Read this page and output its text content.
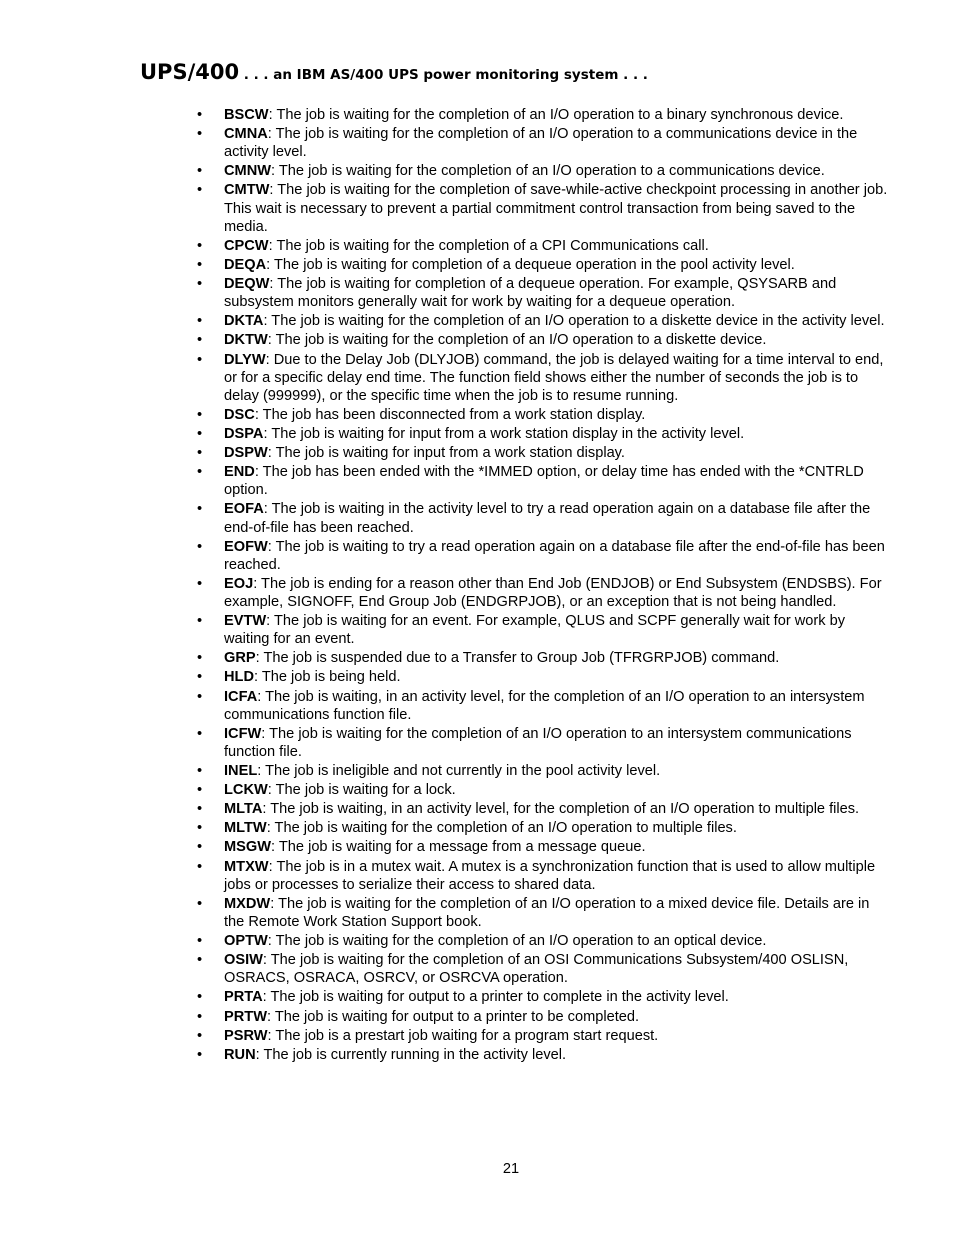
UPS/400 . . . an IBM AS/400 UPS power monitoring system . . .
• BSCW: The job is waiting for the completion of an I/O operation to a binary synchronous device.
• CMNA: The job is waiting for the completion of an I/O operation to a communications device in the activity level.
• CMNW: The job is waiting for the completion of an I/O operation to a communications device.
• CMTW: The job is waiting for the completion of save-while-active checkpoint processing in another job. This wait is necessary to prevent a partial commitment control transaction from being saved to the media.
• CPCW: The job is waiting for the completion of a CPI Communications call.
• DEQA: The job is waiting for completion of a dequeue operation in the pool activity level.
• DEQW: The job is waiting for completion of a dequeue operation. For example, QSYSARB and subsystem monitors generally wait for work by waiting for a dequeue operation.
• DKTA: The job is waiting for the completion of an I/O operation to a diskette device in the activity level.
• DKTW: The job is waiting for the completion of an I/O operation to a diskette device.
• DLYW: Due to the Delay Job (DLYJOB) command, the job is delayed waiting for a time interval to end, or for a specific delay end time. The function field shows either the number of seconds the job is to delay (999999), or the specific time when the job is to resume running.
• DSC: The job has been disconnected from a work station display.
• DSPA: The job is waiting for input from a work station display in the activity level.
• DSPW: The job is waiting for input from a work station display.
• END: The job has been ended with the *IMMED option, or delay time has ended with the *CNTRLD option.
• EOFA: The job is waiting in the activity level to try a read operation again on a database file after the end-of-file has been reached.
• EOFW: The job is waiting to try a read operation again on a database file after the end-of-file has been reached.
• EOJ: The job is ending for a reason other than End Job (ENDJOB) or End Subsystem (ENDSBS). For example, SIGNOFF, End Group Job (ENDGRPJOB), or an exception that is not being handled.
• EVTW: The job is waiting for an event. For example, QLUS and SCPF generally wait for work by waiting for an event.
• GRP: The job is suspended due to a Transfer to Group Job (TFRGRPJOB) command.
• HLD: The job is being held.
• ICFA: The job is waiting, in an activity level, for the completion of an I/O operation to an intersystem communications function file.
• ICFW: The job is waiting for the completion of an I/O operation to an intersystem communications function file.
• INEL: The job is ineligible and not currently in the pool activity level.
• LCKW: The job is waiting for a lock.
• MLTA: The job is waiting, in an activity level, for the completion of an I/O operation to multiple files.
• MLTW: The job is waiting for the completion of an I/O operation to multiple files.
• MSGW: The job is waiting for a message from a message queue.
• MTXW: The job is in a mutex wait. A mutex is a synchronization function that is used to allow multiple jobs or processes to serialize their access to shared data.
• MXDW: The job is waiting for the completion of an I/O operation to a mixed device file. Details are in the Remote Work Station Support book.
• OPTW: The job is waiting for the completion of an I/O operation to an optical device.
• OSIW: The job is waiting for the completion of an OSI Communications Subsystem/400 OSLISN, OSRACS, OSRACA, OSRCV, or OSRCVA operation.
• PRTA: The job is waiting for output to a printer to complete in the activity level.
• PRTW: The job is waiting for output to a printer to be completed.
• PSRW: The job is a prestart job waiting for a program start request.
• RUN: The job is currently running in the activity level.
21
